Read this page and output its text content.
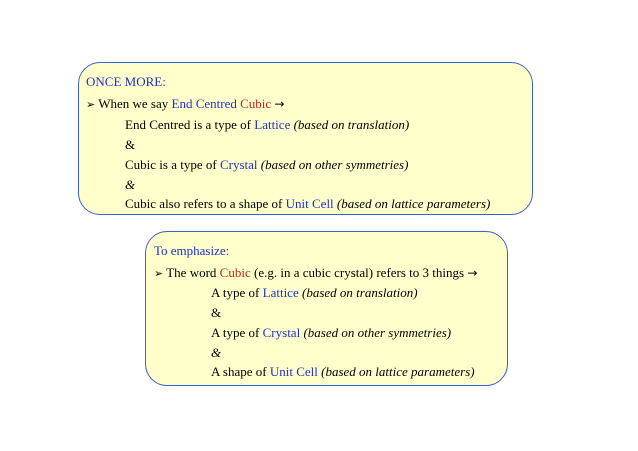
ONCE MORE:
➢ When we say End Centred Cubic →
End Centred is a type of Lattice (based on translation)
&
Cubic is a type of Crystal (based on other symmetries)
&
Cubic also refers to a shape of Unit Cell (based on lattice parameters)
To emphasize:
➢ The word Cubic (e.g. in a cubic crystal) refers to 3 things →
A type of Lattice (based on translation)
&
A type of Crystal (based on other symmetries)
&
A shape of Unit Cell (based on lattice parameters)
